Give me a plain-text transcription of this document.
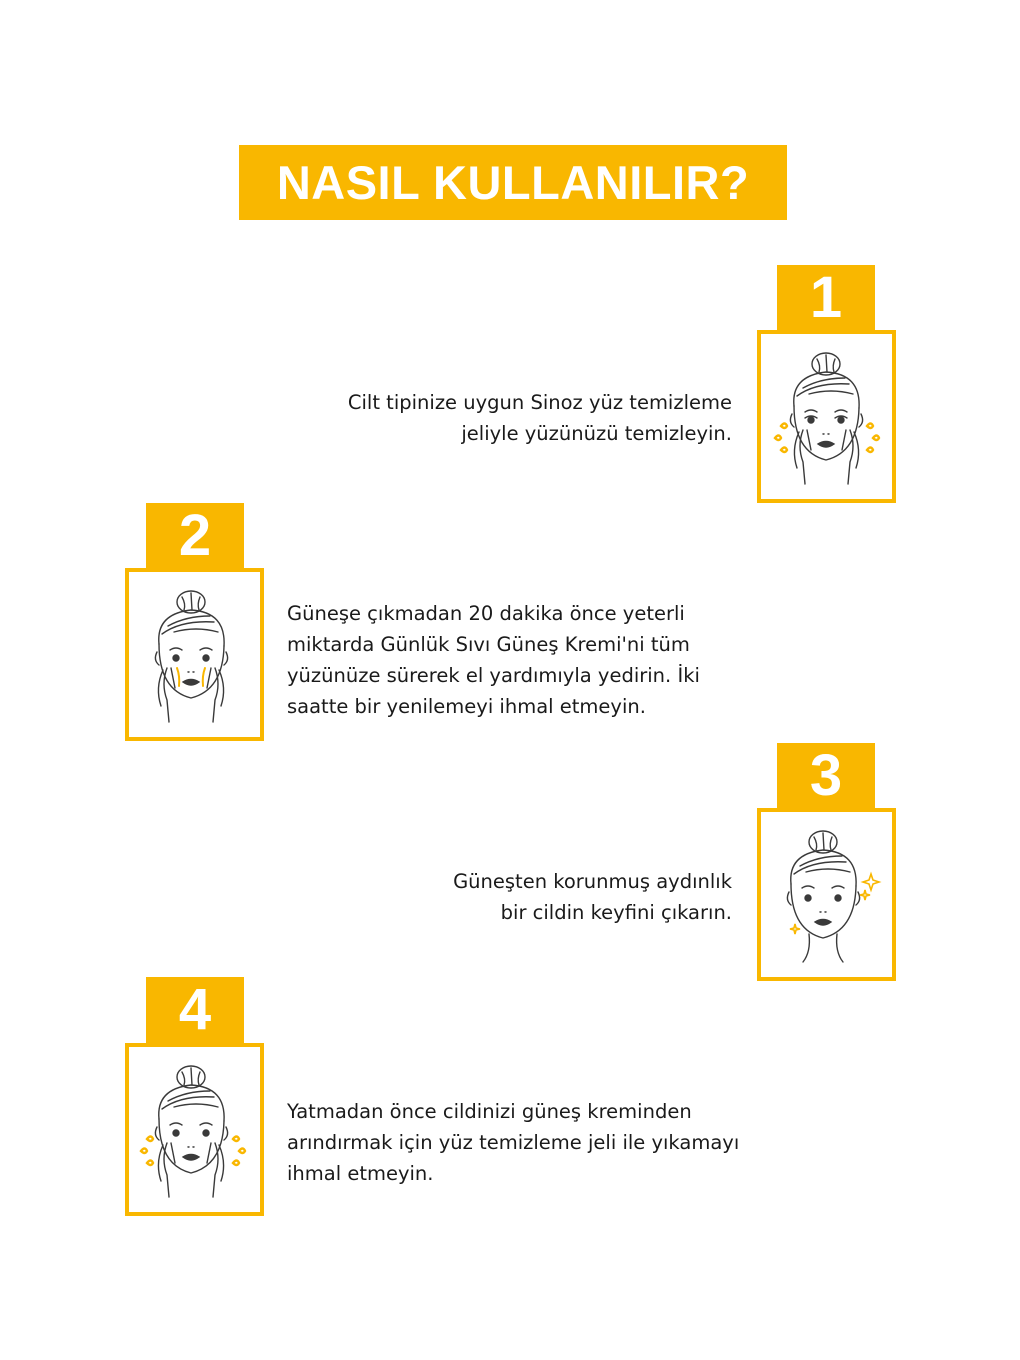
NASIL KULLANILIR?
1
Cilt tipinize uygun Sinoz yüz temizleme
jeliyle yüzünüzü temizleyin.
2
Güneşe çıkmadan 20 dakika önce yeterli
miktarda Günlük Sıvı Güneş Kremi'ni tüm
yüzünüze sürerek el yardımıyla yedirin. İki
saatte bir yenilemeyi ihmal etmeyin.
3
Güneşten korunmuş aydınlık
bir cildin keyfini çıkarın.
4
Yatmadan önce cildinizi güneş kreminden
arındırmak için yüz temizleme jeli ile yıkamayı
ihmal etmeyin.
